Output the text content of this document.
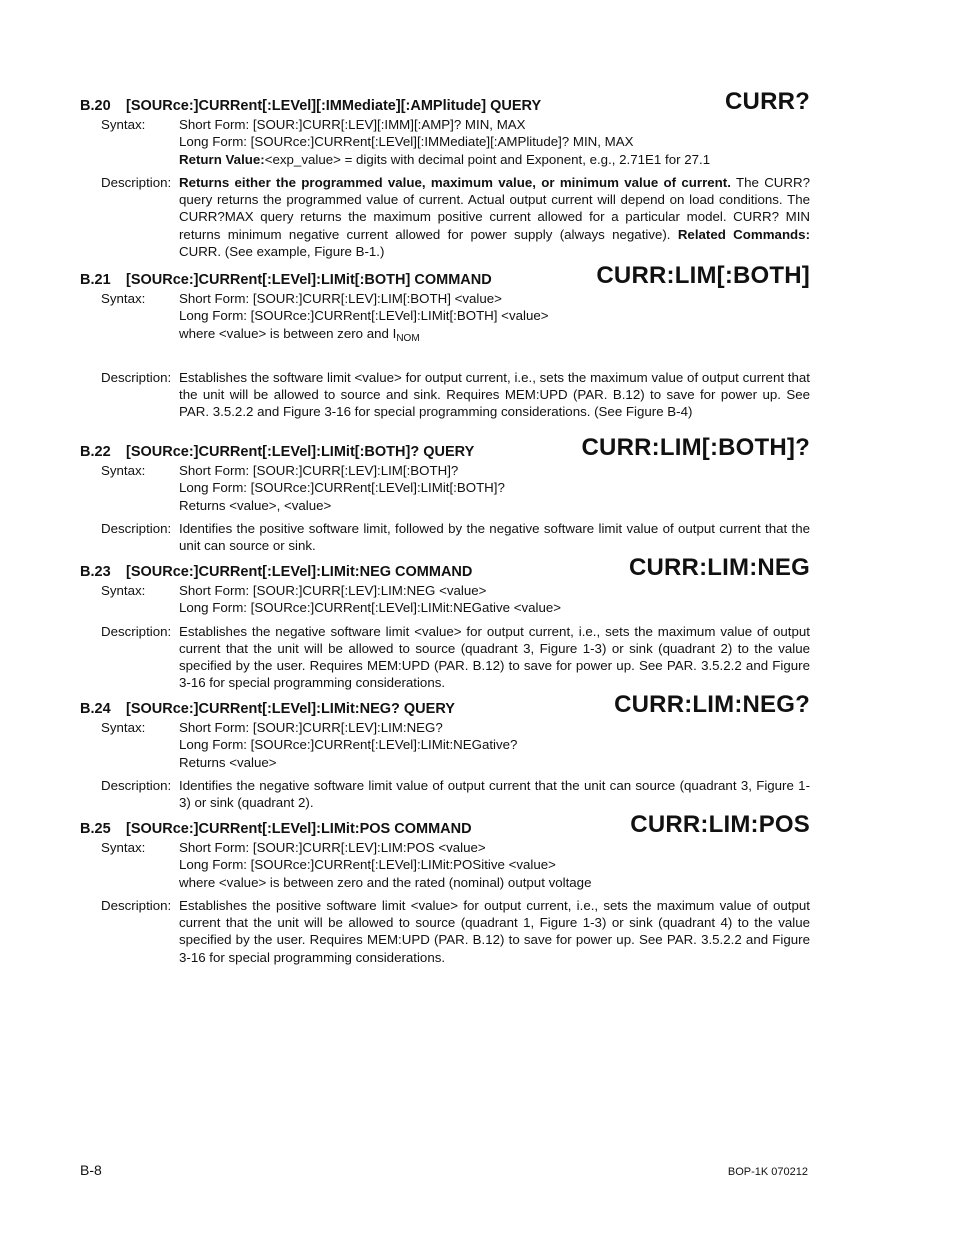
B.20 [SOURce:]CURRent[:LEVel][:IMMediate][:AMPlitude] QUERY	CURR?
Syntax:	Short Form: [SOUR:]CURR[:LEV][:IMM][:AMP]? MIN, MAX
Long Form: [SOURce:]CURRent[:LEVel][:IMMediate][:AMPlitude]? MIN, MAX
Return Value:<exp_value> = digits with decimal point and Exponent, e.g., 2.71E1 for 27.1
Description: Returns either the programmed value, maximum value, or minimum value of current. The CURR? query returns the programmed value of current. Actual output current will depend on load conditions. The CURR?MAX query returns the maximum positive current allowed for a particular model. CURR? MIN returns minimum negative current allowed for power supply (always negative). Related Commands: CURR. (See example, Figure B-1.)
B.21 [SOURce:]CURRent[:LEVel]:LIMit[:BOTH] COMMAND	CURR:LIM[:BOTH]
Syntax:	Short Form: [SOUR:]CURR[:LEV]:LIM[:BOTH] <value>
Long Form: [SOURce:]CURRent[:LEVel]:LIMit[:BOTH] <value>
where <value> is between zero and $I_{NOM}$
Description: Establishes the software limit <value> for output current, i.e., sets the maximum value of output current that the unit will be allowed to source and sink. Requires MEM:UPD (PAR. B.12) to save for power up. See PAR. 3.5.2.2 and Figure 3-16 for special programming considerations. (See Figure B-4)
B.22 [SOURce:]CURRent[:LEVel]:LIMit[:BOTH]? QUERY	CURR:LIM[:BOTH]?
Syntax:	Short Form: [SOUR:]CURR[:LEV]:LIM[:BOTH]?
Long Form: [SOURce:]CURRent[:LEVel]:LIMit[:BOTH]?
Returns <value>, <value>
Description: Identifies the positive software limit, followed by the negative software limit value of output current that the unit can source or sink.
B.23 [SOURce:]CURRent[:LEVel]:LIMit:NEG COMMAND	CURR:LIM:NEG
Syntax:	Short Form: [SOUR:]CURR[:LEV]:LIM:NEG <value>
Long Form: [SOURce:]CURRent[:LEVel]:LIMit:NEGative <value>
Description: Establishes the negative software limit <value> for output current, i.e., sets the maximum value of output current that the unit will be allowed to source (quadrant 3, Figure 1-3) or sink (quadrant 2) to the value specified by the user. Requires MEM:UPD (PAR. B.12) to save for power up. See PAR. 3.5.2.2 and Figure 3-16 for special programming considerations.
B.24 [SOURce:]CURRent[:LEVel]:LIMit:NEG? QUERY	CURR:LIM:NEG?
Syntax:	Short Form: [SOUR:]CURR[:LEV]:LIM:NEG?
Long Form: [SOURce:]CURRent[:LEVel]:LIMit:NEGative?
Returns <value>
Description: Identifies the negative software limit value of output current that the unit can source (quadrant 3, Figure 1-3) or sink (quadrant 2).
B.25 [SOURce:]CURRent[:LEVel]:LIMit:POS COMMAND	CURR:LIM:POS
Syntax:	Short Form: [SOUR:]CURR[:LEV]:LIM:POS <value>
Long Form: [SOURce:]CURRent[:LEVel]:LIMit:POSitive <value>
where <value> is between zero and the rated (nominal) output voltage
Description: Establishes the positive software limit <value> for output current, i.e., sets the maximum value of output current that the unit will be allowed to source (quadrant 1, Figure 1-3) or sink (quadrant 4) to the value specified by the user. Requires MEM:UPD (PAR. B.12) to save for power up. See PAR. 3.5.2.2 and Figure 3-16 for special programming considerations.
B-8	BOP-1K 070212
